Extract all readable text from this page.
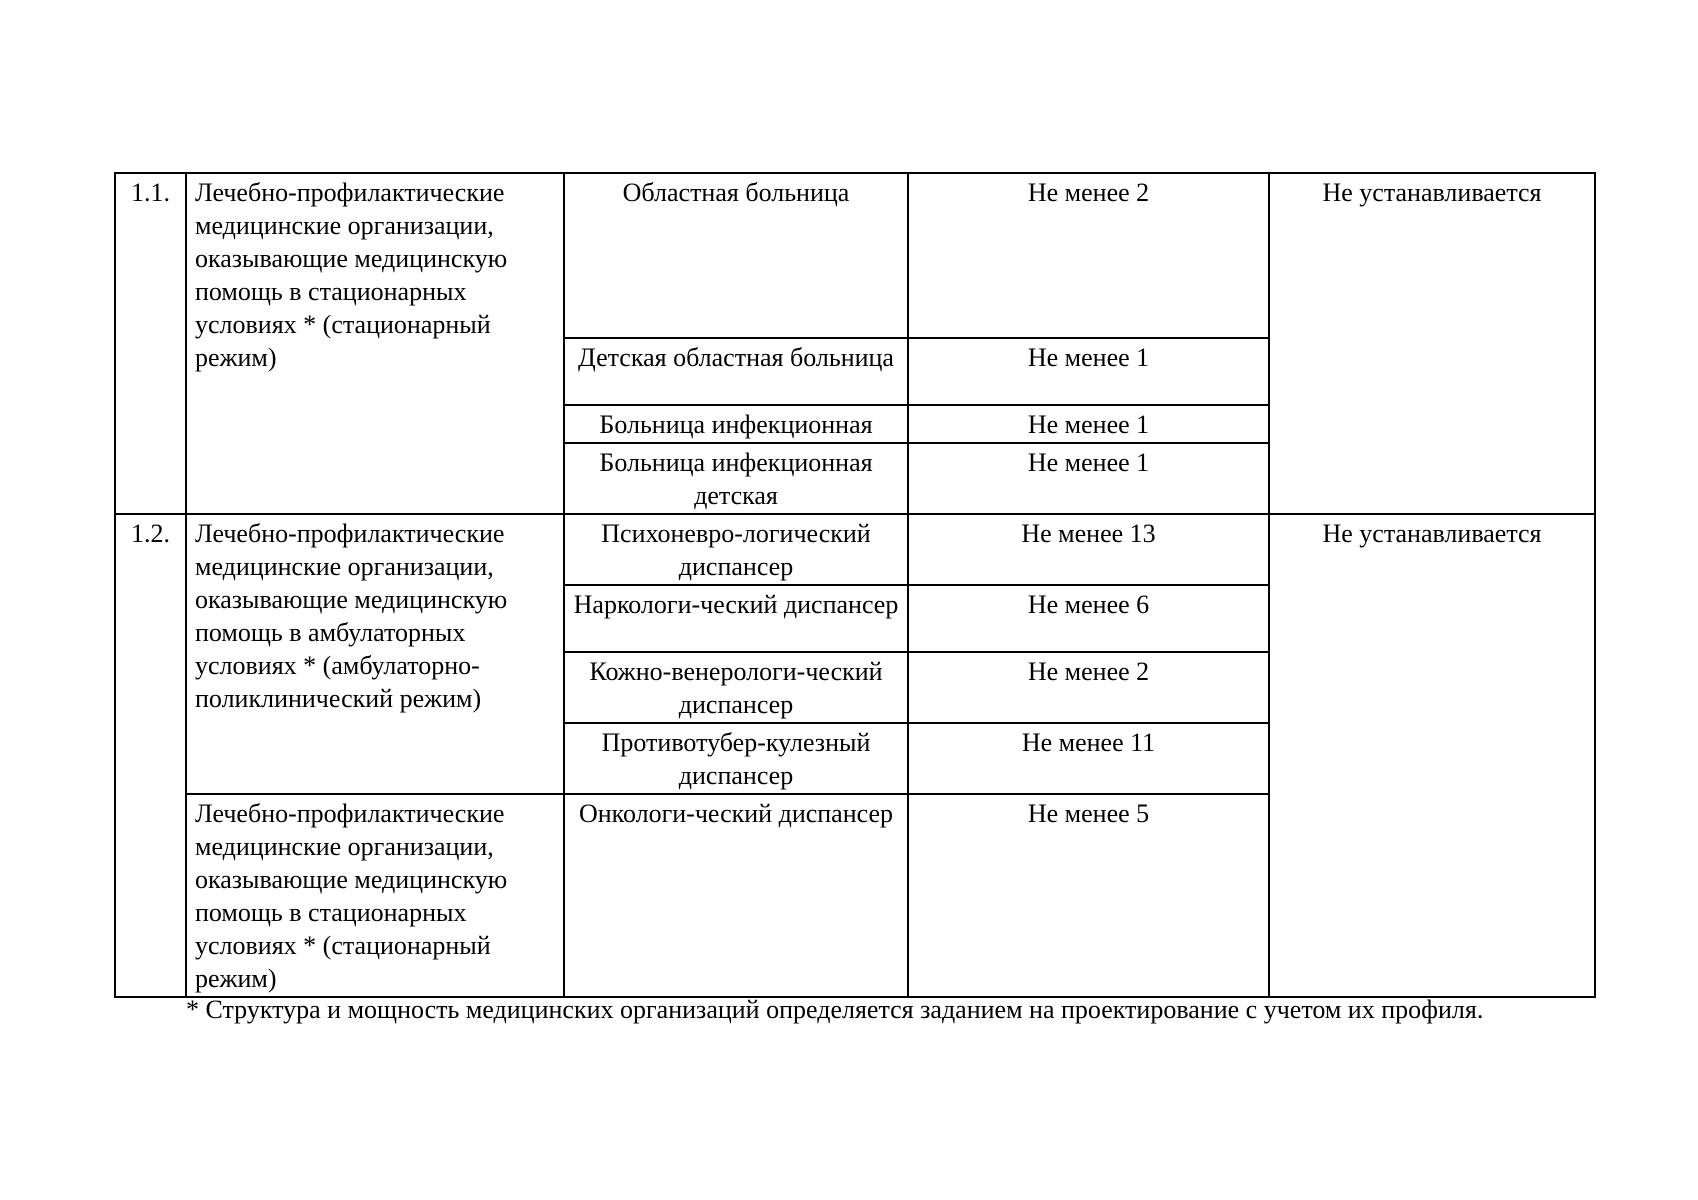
1.1.	Лечебно-профилактические медицинские организации, оказывающие медицинскую помощь в стационарных условиях * (стационарный режим)	Областная больница	Не менее 2	Не устанавливается
		Детская областная больница	Не менее 1	
		Больница инфекционная	Не менее 1	
		Больница инфекционная детская	Не менее 1	
1.2.	Лечебно-профилактические медицинские организации, оказывающие медицинскую помощь в амбулаторных условиях * (амбулаторно-поликлинический режим)	Психоневро-логический диспансер	Не менее 13	Не устанавливается
		Наркологи-ческий диспансер	Не менее 6	
		Кожно-венерологи-ческий диспансер	Не менее 2	
		Противотубер-кулезный диспансер	Не менее 11	
	Лечебно-профилактические медицинские организации, оказывающие медицинскую помощь в стационарных условиях * (стационарный режим)	Онкологи-ческий диспансер	Не менее 5	

* Структура и мощность медицинских организаций определяется заданием на проектирование с учетом их профиля.
